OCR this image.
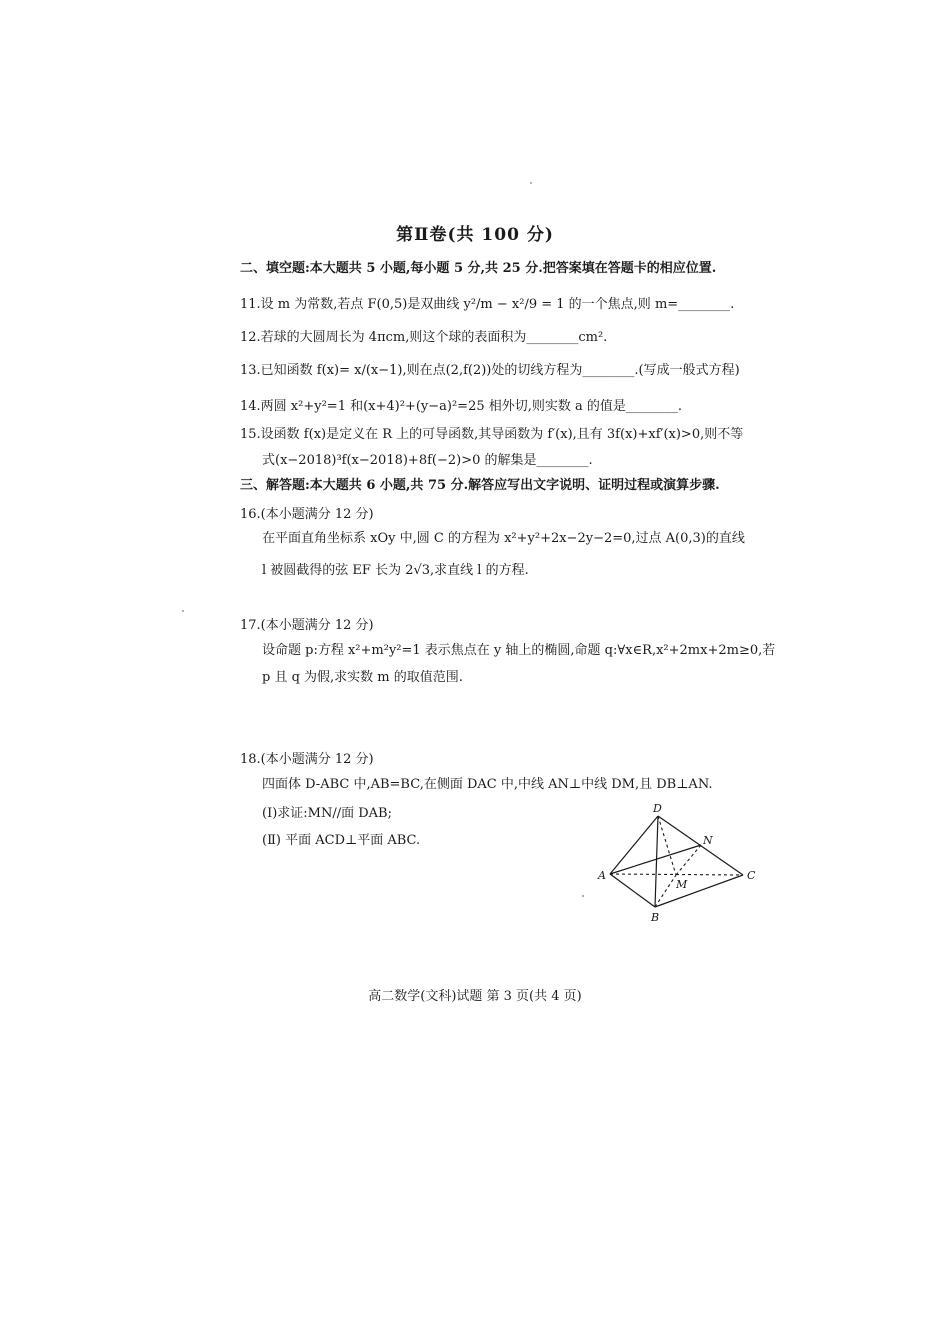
第Ⅱ卷(共 100 分)
二、填空题:本大题共 5 小题,每小题 5 分,共 25 分.把答案填在答题卡的相应位置.
11.设 m 为常数,若点 F(0,5)是双曲线 y²/m − x²/9 = 1 的一个焦点,则 m=________.
12.若球的大圆周长为 4πcm,则这个球的表面积为________cm².
13.已知函数 f(x)= x/(x−1),则在点(2,f(2))处的切线方程为________.(写成一般式方程)
14.两圆 x²+y²=1 和(x+4)²+(y−a)²=25 相外切,则实数 a 的值是________.
15.设函数 f(x)是定义在 R 上的可导函数,其导函数为 f′(x),且有 3f(x)+xf′(x)>0,则不等
式(x−2018)³f(x−2018)+8f(−2)>0 的解集是________.
三、解答题:本大题共 6 小题,共 75 分.解答应写出文字说明、证明过程或演算步骤.
16.(本小题满分 12 分)
在平面直角坐标系 xOy 中,圆 C 的方程为 x²+y²+2x−2y−2=0,过点 A(0,3)的直线
l 被圆截得的弦 EF 长为 2√3,求直线 l 的方程.
17.(本小题满分 12 分)
设命题 p:方程 x²+m²y²=1 表示焦点在 y 轴上的椭圆,命题 q:∀x∈R,x²+2mx+2m≥0,若
p 且 q 为假,求实数 m 的取值范围.
18.(本小题满分 12 分)
四面体 D-ABC 中,AB=BC,在侧面 DAC 中,中线 AN⊥中线 DM,且 DB⊥AN.
(Ⅰ)求证:MN//面 DAB;
(Ⅱ) 平面 ACD⊥平面 ABC.
D
N
A
M
C
B
高二数学(文科)试题 第 3 页(共 4 页)
